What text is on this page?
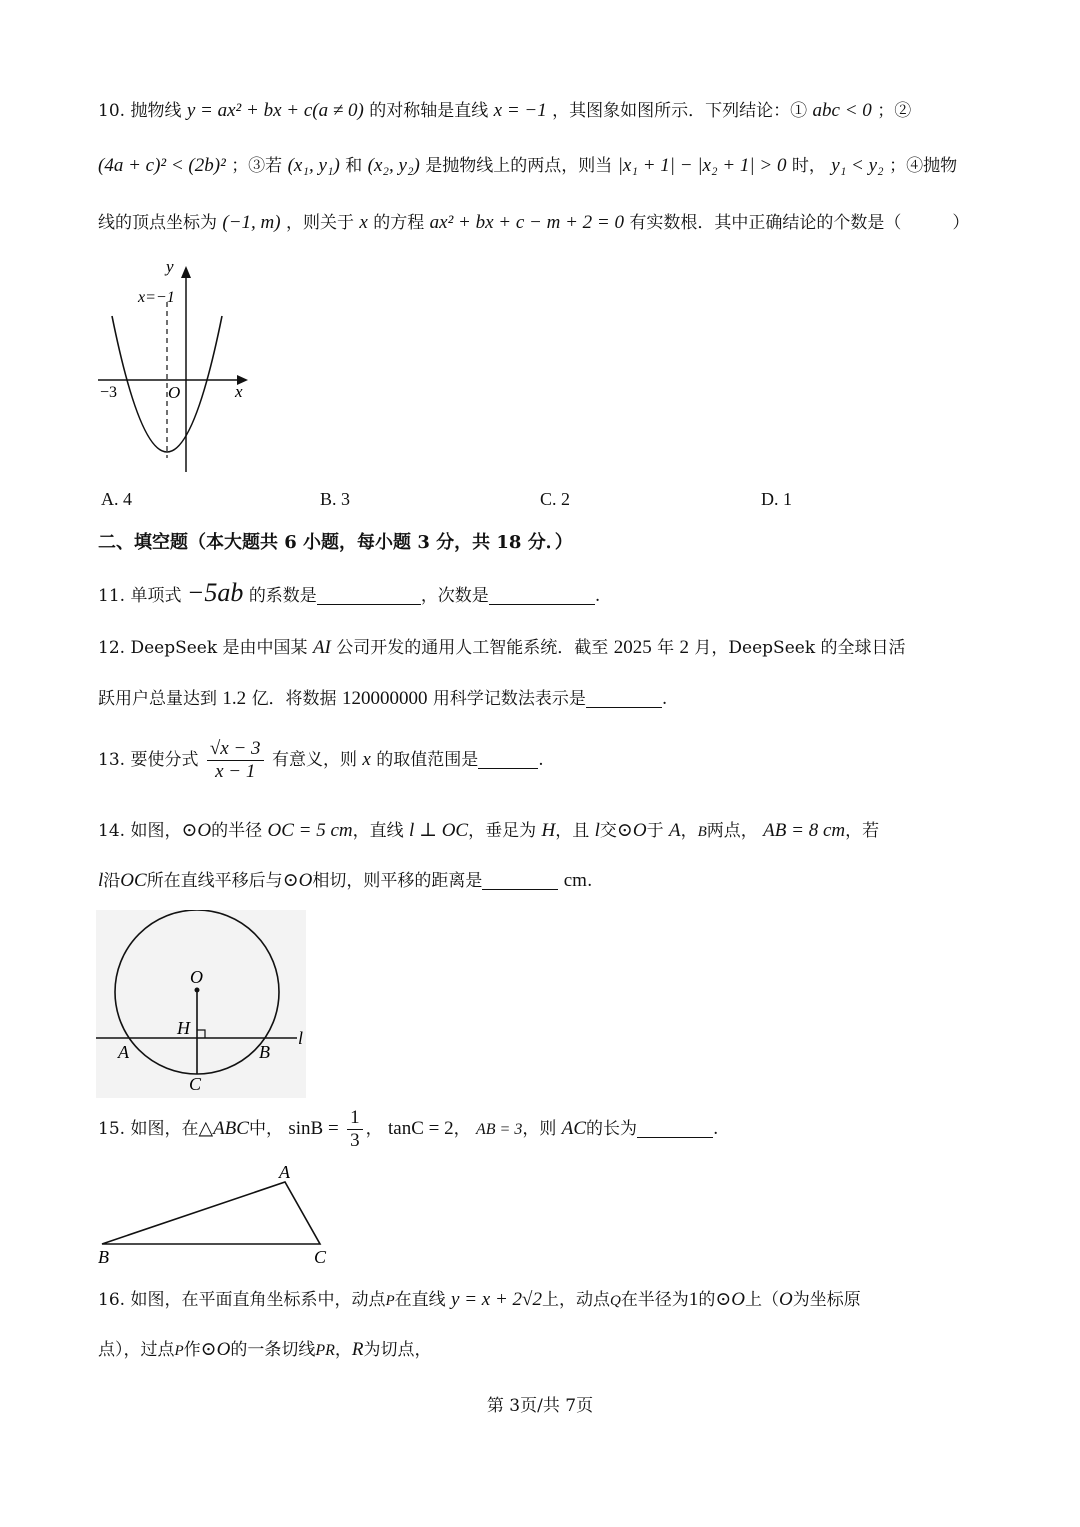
10. 抛物线 y = ax² + bx + c(a ≠ 0) 的对称轴是直线 x = −1 ，其图象如图所示．下列结论：① abc < 0 ；②
(4a + c)² < (2b)² ；③若 (x₁, y₁) 和 (x₂, y₂) 是抛物线上的两点，则当 |x₁ + 1| − |x₂ + 1| > 0 时， y₁ < y₂ ；④抛物
线的顶点坐标为 (−1, m) ，则关于 x 的方程 ax² + bx + c − m + 2 = 0 有实数根．其中正确结论的个数是（　　　）
y
x
O
x=−1
−3
A. 4	B. 3	C. 2	D. 1
二、填空题（本大题共 6 小题，每小题 3 分，共 18 分．）
11. 单项式 −5ab 的系数是	，次数是	.
12. DeepSeek 是由中国某 AI 公司开发的通用人工智能系统．截至 2025 年 2 月，DeepSeek 的全球日活
跃用户总量达到 1.2 亿．将数据 120000000 用科学记数法表示是	.
13. 要使分式 $\frac{√x - 3}{x - 1}$ 有意义，则 x 的取值范围是	.
14. 如图，⊙O的半径 OC = 5 cm，直线 l ⊥ OC，垂足为 H，且 l交⊙O于 A，B两点， AB = 8 cm，若
l沿OC所在直线平移后与⊙O相切，则平移的距离是	cm.
O
H
A	B
C
l
15. 如图，在△ABC中， $\sin B = \frac{1}{3}$ ， tanC = 2， AB = 3，则 AC的长为	.
A
B	C
16. 如图，在平面直角坐标系中，动点P在直线 y = x + 2√2上，动点Q在半径为1的⊙O上（O为坐标原
点），过点P作⊙O的一条切线PR，R为切点，
第 3页/共 7页
